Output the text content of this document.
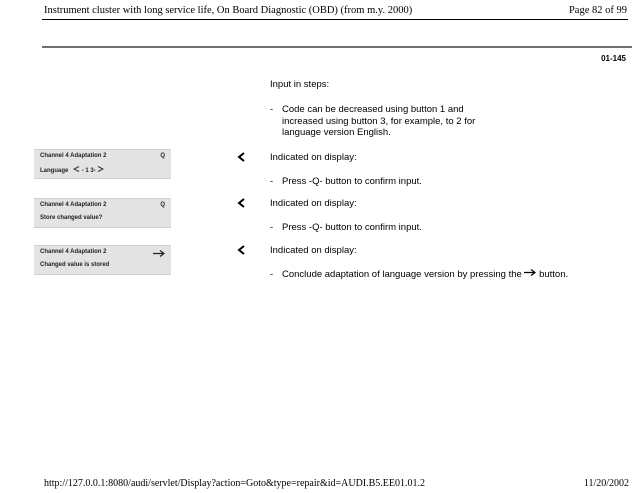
Instrument cluster with long service life, On Board Diagnostic (OBD) (from m.y. 2000)	Page 82 of 99
01-145
Input in steps:
- Code can be decreased using button 1 and
increased using button 3, for example, to 2 for
language version English.
Channel 4 Adaptation 2	Q
Language - 1 3-
Indicated on display:
- Press -Q- button to confirm input.
Channel 4 Adaptation 2	Q
Store changed value?
Indicated on display:
- Press -Q- button to confirm input.
Channel 4 Adaptation 2
Changed value is stored
Indicated on display:
- Conclude adaptation of language version by pressing the button.
http://127.0.0.1:8080/audi/servlet/Display?action=Goto&type=repair&id=AUDI.B5.EE01.01.2	11/20/2002
